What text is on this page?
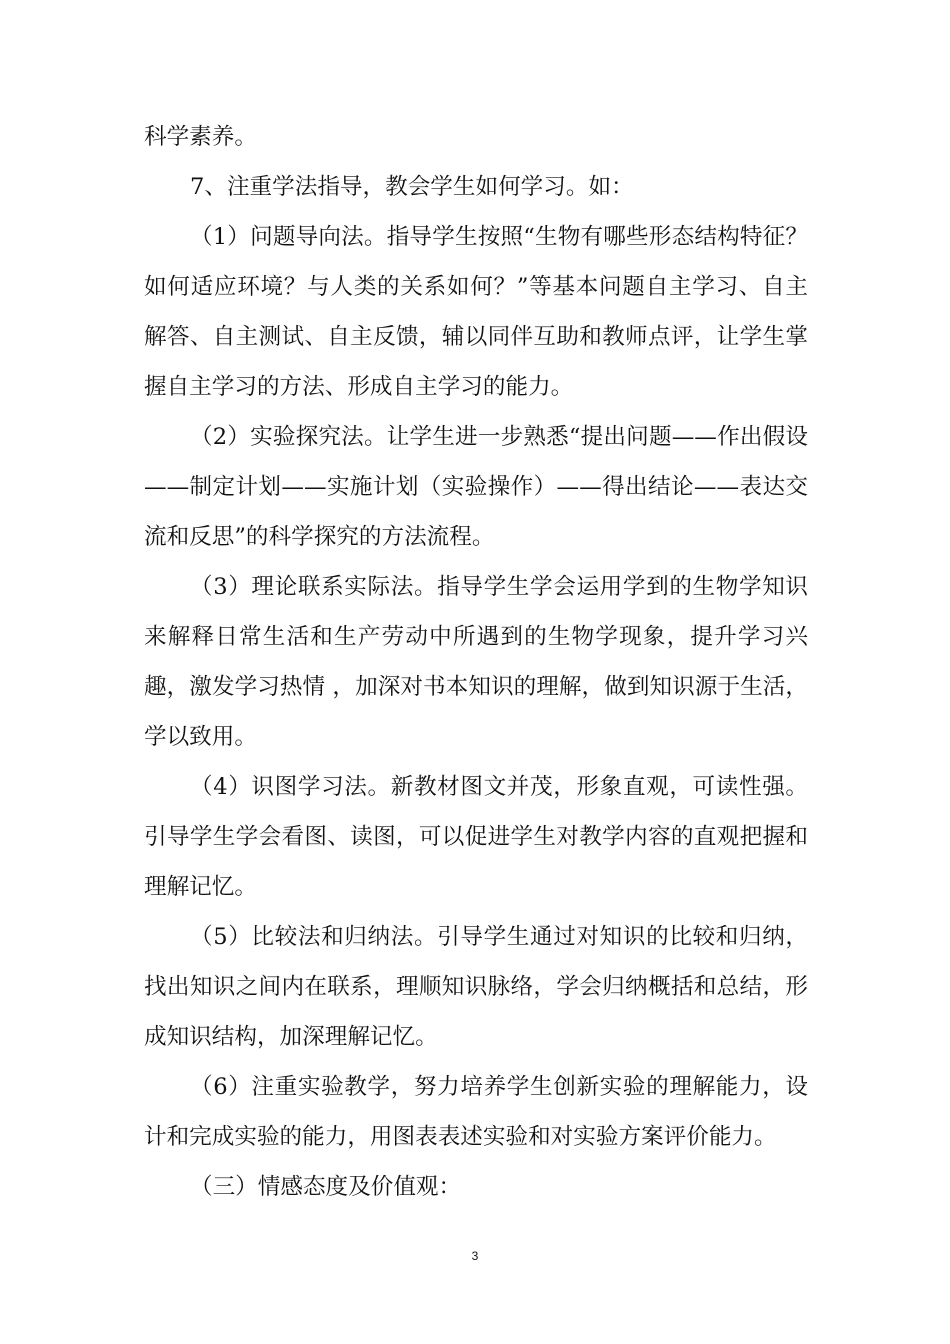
科学素养。

7、注重学法指导，教会学生如何学习。如：

（1）问题导向法。指导学生按照“生物有哪些形态结构特征？如何适应环境？与人类的关系如何？”等基本问题自主学习、自主解答、自主测试、自主反馈，辅以同伴互助和教师点评，让学生掌握自主学习的方法、形成自主学习的能力。

（2）实验探究法。让学生进一步熟悉“提出问题——作出假设——制定计划——实施计划（实验操作）——得出结论——表达交流和反思”的科学探究的方法流程。

（3）理论联系实际法。指导学生学会运用学到的生物学知识来解释日常生活和生产劳动中所遇到的生物学现象，提升学习兴趣，激发学习热情 ，加深对书本知识的理解，做到知识源于生活，学以致用。

（4）识图学习法。新教材图文并茂，形象直观，可读性强。引导学生学会看图、读图，可以促进学生对教学内容的直观把握和理解记忆。

（5）比较法和归纳法。引导学生通过对知识的比较和归纳，找出知识之间内在联系，理顺知识脉络，学会归纳概括和总结，形成知识结构，加深理解记忆。

（6）注重实验教学，努力培养学生创新实验的理解能力，设计和完成实验的能力，用图表表述实验和对实验方案评价能力。

（三）情感态度及价值观：

3
